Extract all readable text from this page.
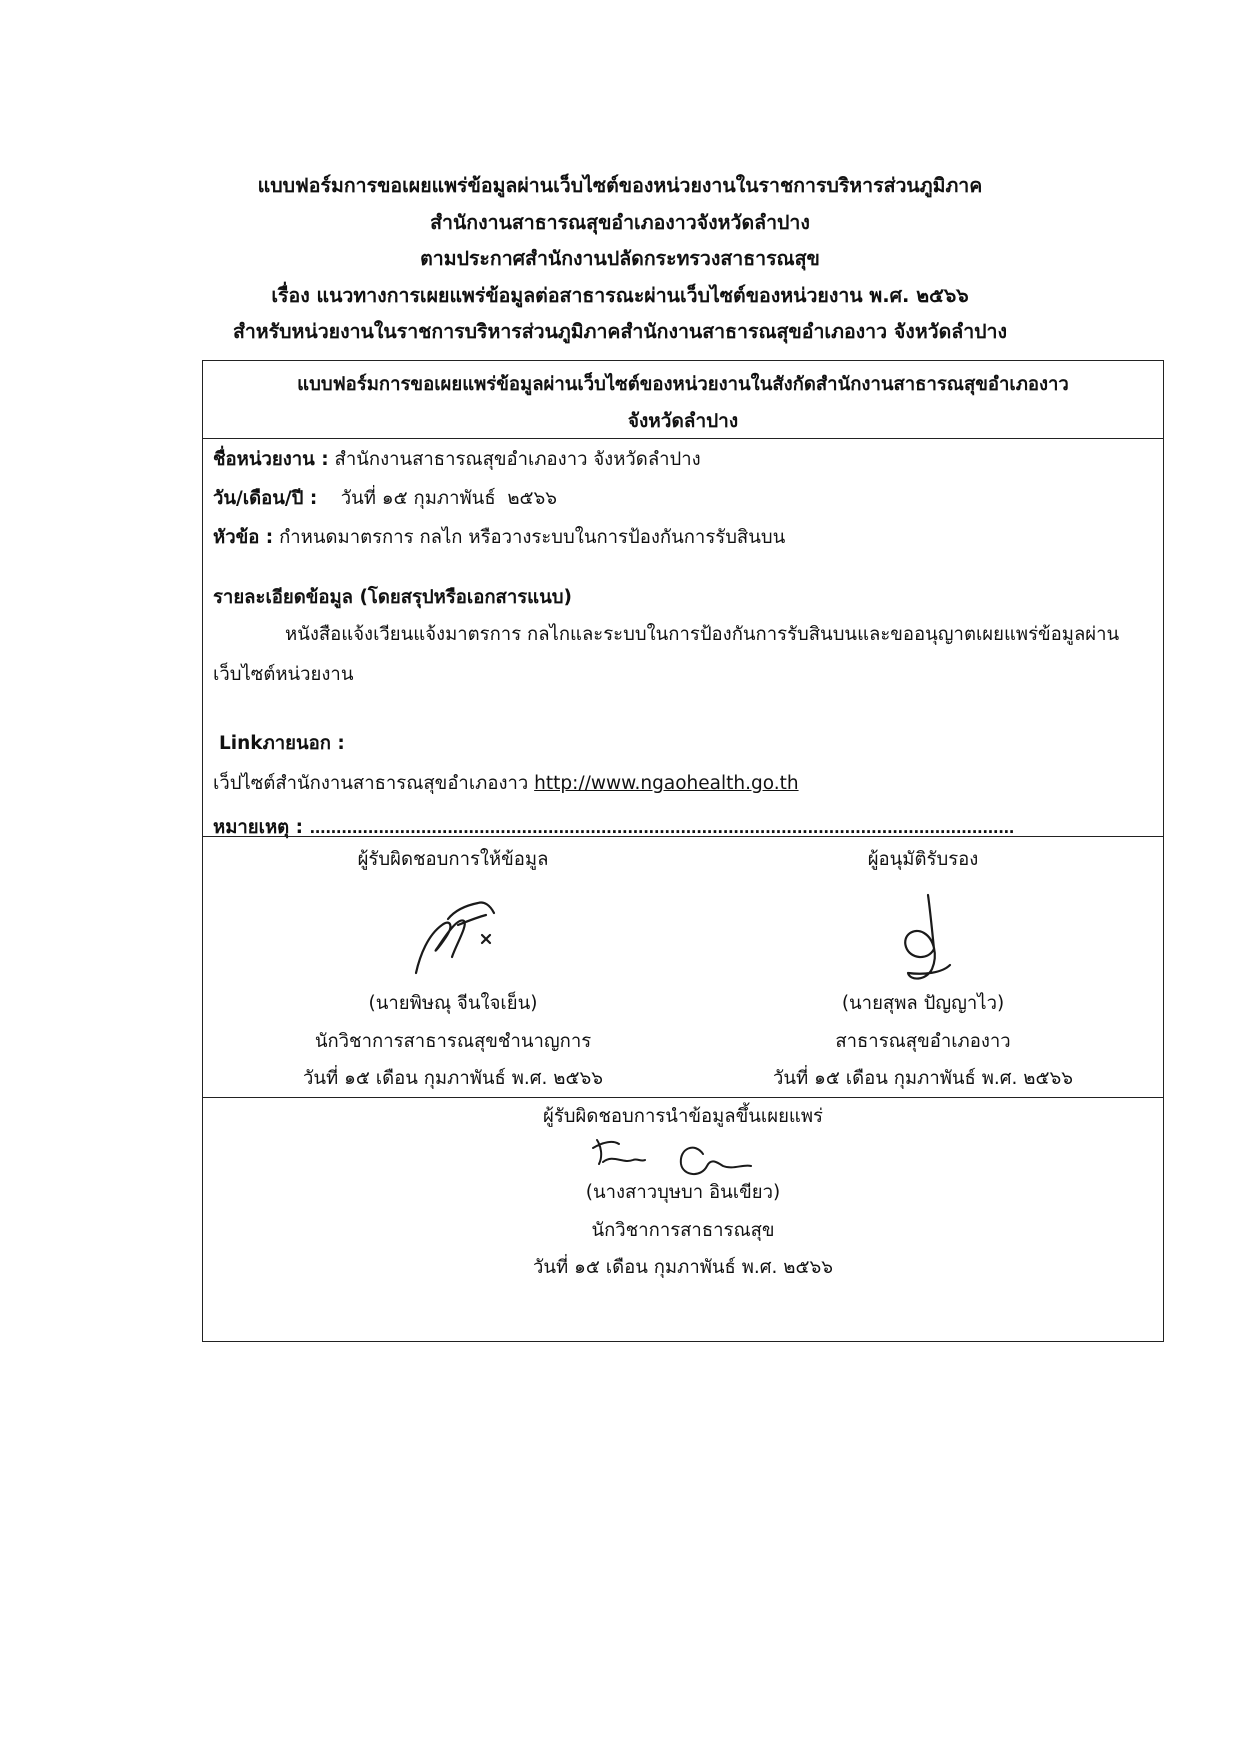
แบบฟอร์มการขอเผยแพร่ข้อมูลผ่านเว็บไซต์ของหน่วยงานในราชการบริหารส่วนภูมิภาค
สำนักงานสาธารณสุขอำเภองาวจังหวัดลำปาง
ตามประกาศสำนักงานปลัดกระทรวงสาธารณสุข
เรื่อง แนวทางการเผยแพร่ข้อมูลต่อสาธารณะผ่านเว็บไซต์ของหน่วยงาน พ.ศ. ๒๕๖๖
สำหรับหน่วยงานในราชการบริหารส่วนภูมิภาคสำนักงานสาธารณสุขอำเภองาว จังหวัดลำปาง
แบบฟอร์มการขอเผยแพร่ข้อมูลผ่านเว็บไซต์ของหน่วยงานในสังกัดสำนักงานสาธารณสุขอำเภองาว
จังหวัดลำปาง
ชื่อหน่วยงาน : สำนักงานสาธารณสุขอำเภองาว จังหวัดลำปาง
วัน/เดือน/ปี :    วันที่ ๑๕ กุมภาพันธ์  ๒๕๖๖
หัวข้อ : กำหนดมาตรการ กลไก หรือวางระบบในการป้องกันการรับสินบน
รายละเอียดข้อมูล (โดยสรุปหรือเอกสารแนบ)
หนังสือแจ้งเวียนแจ้งมาตรการ กลไกและระบบในการป้องกันการรับสินบนและขออนุญาตเผยแพร่ข้อมูลผ่านเว็บไซต์หน่วยงาน
Linkภายนอก :
เว็ปไซต์สำนักงานสาธารณสุขอำเภองาว http://www.ngaohealth.go.th
หมายเหตุ : .....................................................................................................................................
ผู้รับผิดชอบการให้ข้อมูล
(นายพิษณุ จีนใจเย็น)
นักวิชาการสาธารณสุขชำนาญการ
วันที่ ๑๕ เดือน กุมภาพันธ์ พ.ศ. ๒๕๖๖
ผู้อนุมัติรับรอง
(นายสุพล ปัญญาไว)
สาธารณสุขอำเภองาว
วันที่ ๑๕ เดือน กุมภาพันธ์ พ.ศ. ๒๕๖๖
ผู้รับผิดชอบการนำข้อมูลขึ้นเผยแพร่
(นางสาวบุษบา อินเขียว)
นักวิชาการสาธารณสุข
วันที่ ๑๕ เดือน กุมภาพันธ์ พ.ศ. ๒๕๖๖
